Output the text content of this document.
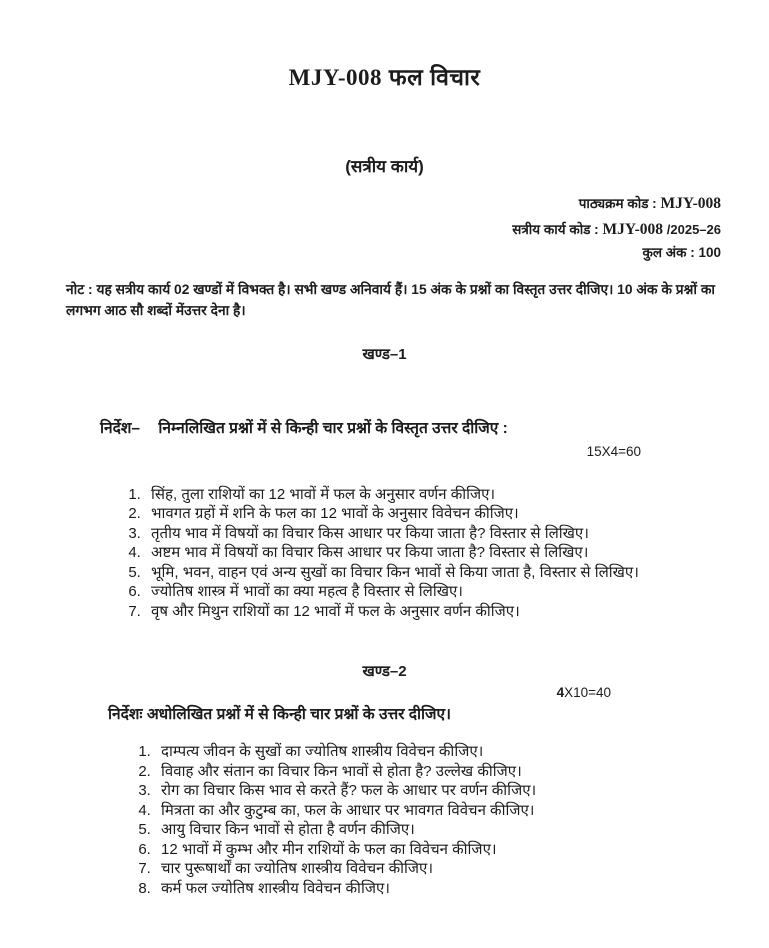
MJY-008 फल विचार
(सत्रीय कार्य)
पाठ्यक्रम कोड : MJY-008
सत्रीय कार्य कोड : MJY-008 /2025–26
कुल अंक : 100
नोट : यह सत्रीय कार्य 02 खण्डों में विभक्त है। सभी खण्ड अनिवार्य हैं। 15 अंक के प्रश्नों का विस्तृत उत्तर दीजिए। 10 अंक के प्रश्नों का लगभग आठ सौ शब्दों मेंउत्तर देना है।
खण्ड–1
निर्देश– निम्नलिखित प्रश्नों में से किन्ही चार प्रश्नों के विस्तृत उत्तर दीजिए :
15X4=60
1. सिंह, तुला राशियों का 12 भावों में फल के अनुसार वर्णन कीजिए।
2. भावगत ग्रहों में शनि के फल का 12 भावों के अनुसार विवेचन कीजिए।
3. तृतीय भाव में विषयों का विचार किस आधार पर किया जाता है? विस्तार से लिखिए।
4. अष्टम भाव में विषयों का विचार किस आधार पर किया जाता है? विस्तार से लिखिए।
5. भूमि, भवन, वाहन एवं अन्य सुखों का विचार किन भावों से किया जाता है, विस्तार से लिखिए।
6. ज्योतिष शास्त्र में भावों का क्या महत्व है विस्तार से लिखिए।
7. वृष और मिथुन राशियों का 12 भावों में फल के अनुसार वर्णन कीजिए।
खण्ड–2
4X10=40
निर्देशः अधोलिखित प्रश्नों में से किन्ही चार प्रश्नों के उत्तर दीजिए।
1. दाम्पत्य जीवन के सुखों का ज्योतिष शास्त्रीय विवेचन कीजिए।
2. विवाह और संतान का विचार किन भावों से होता है? उल्लेख कीजिए।
3. रोग का विचार किस भाव से करते हैं? फल के आधार पर वर्णन कीजिए।
4. मित्रता का और कुटुम्ब का, फल के आधार पर भावगत विवेचन कीजिए।
5. आयु विचार किन भावों से होता है वर्णन कीजिए।
6. 12 भावों में कुम्भ और मीन राशियों के फल का विवेचन कीजिए।
7. चार पुरूषार्थों का ज्योतिष शास्त्रीय विवेचन कीजिए।
8. कर्म फल ज्योतिष शास्त्रीय विवेचन कीजिए।
